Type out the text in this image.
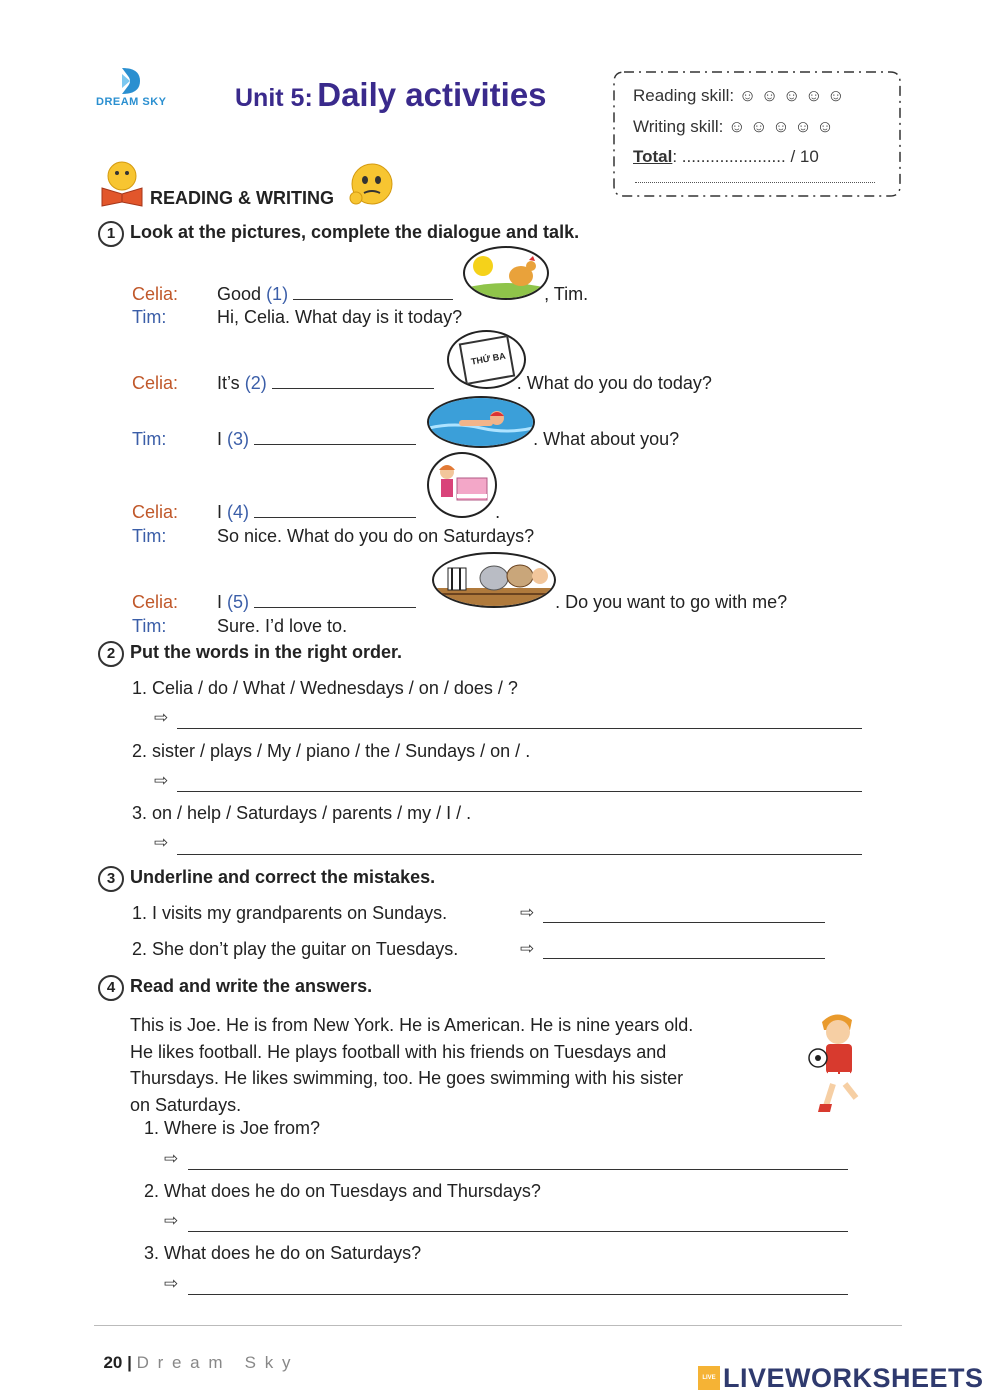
DREAM SKY	Unit 5: Daily activities	Reading skill: ☺ ☺ ☺ ☺ ☺
Writing skill: ☺ ☺ ☺ ☺ ☺
Total: ...................... / 10
READING & WRITING
1 Look at the pictures, complete the dialogue and talk.
Celia: Good (1)	, Tim.
Tim:	Hi, Celia. What day is it today?
Celia: It’s (2)	. What do you do today?
THỨ BA
Tim:	I (3)	. What about you?
Celia: I (4)	.
Tim:	So nice. What do you do on Saturdays?
Celia: I (5)	. Do you want to go with me?
Tim:	Sure. I’d love to.
2 Put the words in the right order.
1. Celia / do / What / Wednesdays / on / does / ?
⇨
2. sister / plays / My / piano / the / Sundays / on / .
⇨
3. on / help / Saturdays / parents / my / I / .
⇨
3 Underline and correct the mistakes.
1. I visits my grandparents on Sundays.	⇨
2. She don’t play the guitar on Tuesdays.	⇨
4 Read and write the answers.
This is Joe. He is from New York. He is American. He is nine years old.
He likes football. He plays football with his friends on Tuesdays and
Thursdays. He likes swimming, too. He goes swimming with his sister
on Saturdays.
1. Where is Joe from?
⇨
2. What does he do on Tuesdays and Thursdays?
⇨
3. What does he do on Saturdays?
⇨

20 | D r e a m   S k y

LIVE LIVEWORKSHEETS
